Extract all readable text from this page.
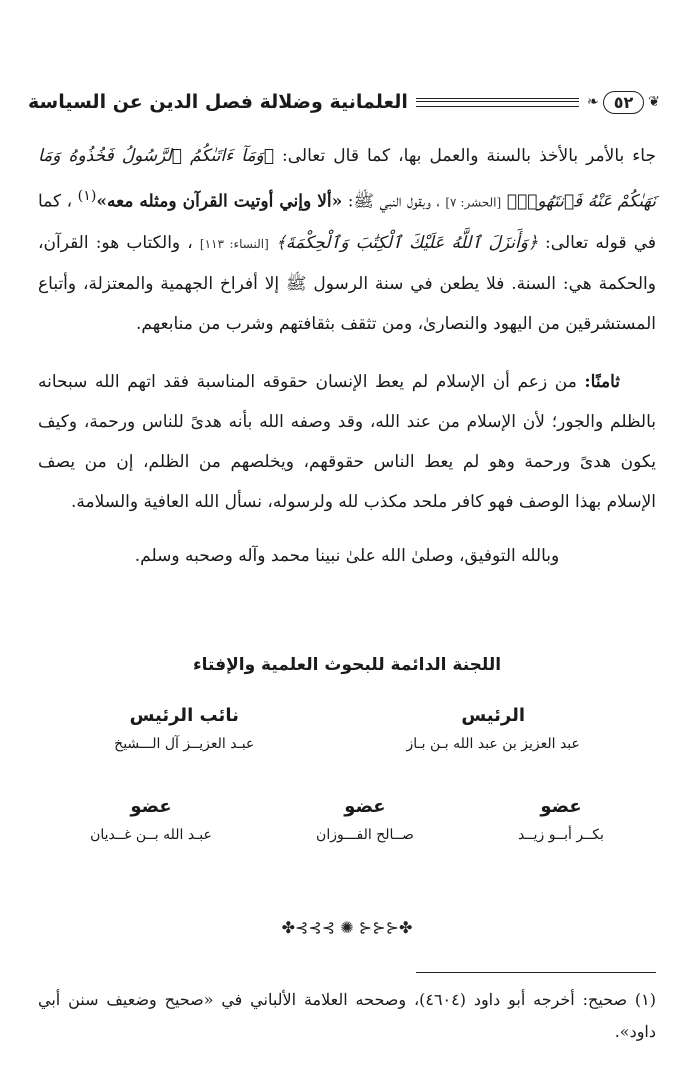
❦
٥٢
❧
العلمانية وضلالة فصل الدين عن السياسة

جاء بالأمر بالأخذ بالسنة والعمل بها، كما قال تعالى: ﴿وَمَآ ءَاتَىٰكُمُ ٱلرَّسُولُ فَخُذُوهُ وَمَا نَهَىٰكُمْ عَنْهُ فَٱنتَهُوا۟﴾ [الحشر: ٧] ، وبقول النبي ﷺ: «ألا وإني أوتيت القرآن ومثله معه»$^{(١)}$ ، كما في قوله تعالى: ﴿وَأَنزَلَ ٱللَّهُ عَلَيْكَ ٱلْكِتَٰبَ وَٱلْحِكْمَةَ﴾ [النساء: ١١٣] ، والكتاب هو: القرآن، والحكمة هي: السنة. فلا يطعن في سنة الرسول ﷺ إلا أفراخ الجهمية والمعتزلة، وأتباع المستشرقين من اليهود والنصارىٰ، ومن تثقف بثقافتهم وشرب من منابعهم.

ثامنًا: من زعم أن الإسلام لم يعط الإنسان حقوقه المناسبة فقد اتهم الله سبحانه بالظلم والجور؛ لأن الإسلام من عند الله، وقد وصفه الله بأنه هدىً للناس ورحمة، وكيف يكون هدىً ورحمة وهو لم يعط الناس حقوقهم، ويخلصهم من الظلم، إن من يصف الإسلام بهذا الوصف فهو كافر ملحد مكذب لله ولرسوله، نسأل الله العافية والسلامة.

وبالله التوفيق، وصلىٰ الله علىٰ نبينا محمد وآله وصحبه وسلم.

اللجنة الدائمة للبحوث العلمية والإفتاء
الرئيس
عبد العزيز بن عبد الله بـن بـاز
نائب الرئيس
عبـد العزيــز آل الـــشيخ
عضو
بكــر أبــو زيــد
عضو
صــالح الفـــوزان
عضو
عبـد الله بــن غــديان
✤⊰⊰⊰ ✺ ⊱⊱⊱✤
(١) صحيح: أخرجه أبو داود (٤٦٠٤)، وصححه العلامة الألباني في «صحيح وضعيف سنن أبي داود».
